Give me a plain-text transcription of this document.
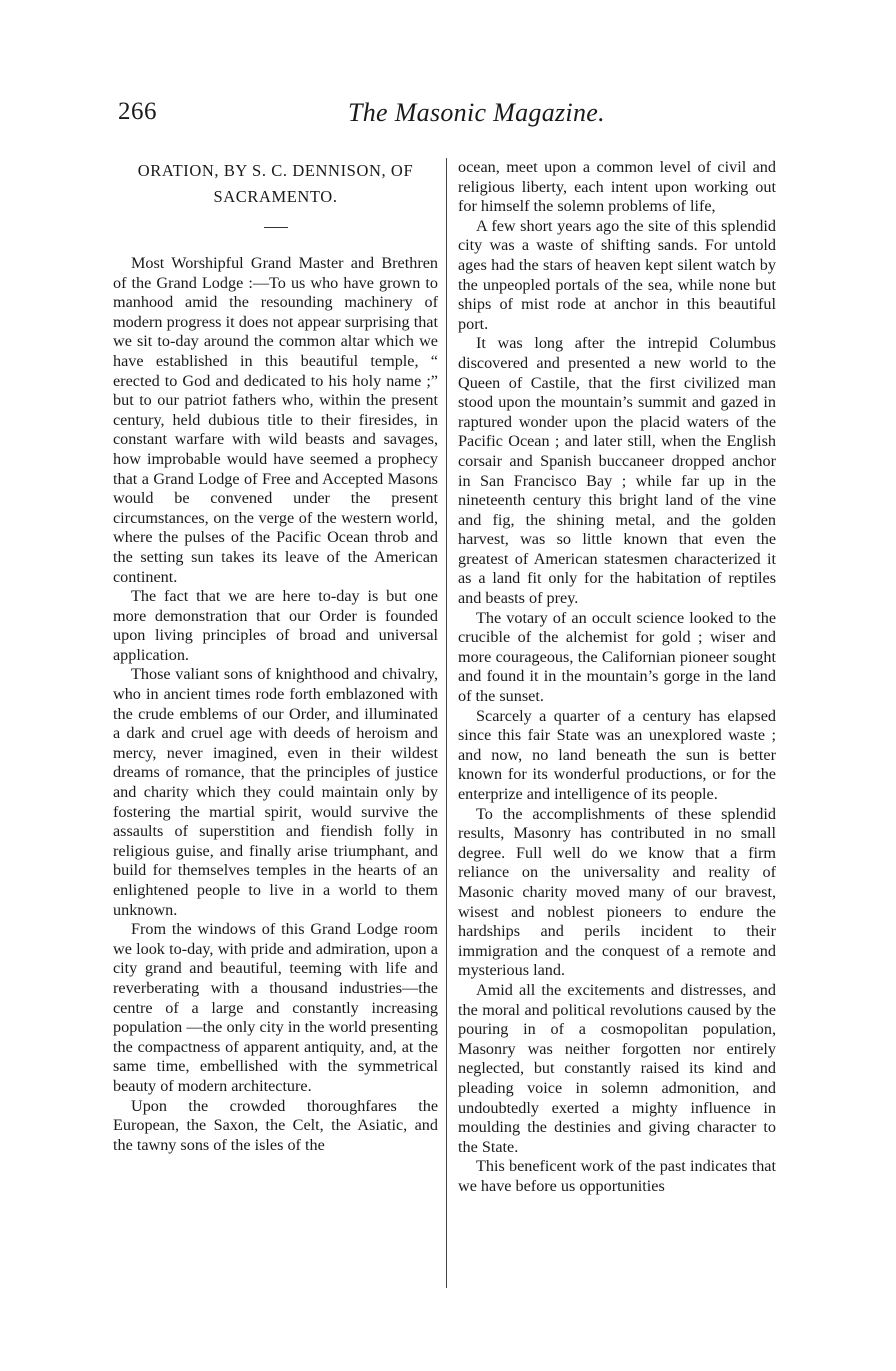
266	The Masonic Magazine.
ORATION, BY S. C. DENNISON, OF
SACRAMENTO.

Most Worshipful Grand Master and Brethren of the Grand Lodge :—To us who have grown to manhood amid the resounding machinery of modern progress it does not appear surprising that we sit to-day around the common altar which we have established in this beautiful temple, “ erected to God and dedicated to his holy name ;” but to our patriot fathers who, within the present century, held dubious title to their firesides, in constant warfare with wild beasts and savages, how improbable would have seemed a prophecy that a Grand Lodge of Free and Accepted Masons would be convened under the present circumstances, on the verge of the western world, where the pulses of the Pacific Ocean throb and the setting sun takes its leave of the American continent.

The fact that we are here to-day is but one more demonstration that our Order is founded upon living principles of broad and universal application.

Those valiant sons of knighthood and chivalry, who in ancient times rode forth emblazoned with the crude emblems of our Order, and illuminated a dark and cruel age with deeds of heroism and mercy, never imagined, even in their wildest dreams of romance, that the principles of justice and charity which they could maintain only by fostering the martial spirit, would survive the assaults of superstition and fiendish folly in religious guise, and finally arise triumphant, and build for themselves temples in the hearts of an enlightened people to live in a world to them unknown.

From the windows of this Grand Lodge room we look to-day, with pride and admiration, upon a city grand and beautiful, teeming with life and reverberating with a thousand industries—the centre of a large and constantly increasing population —the only city in the world presenting the compactness of apparent antiquity, and, at the same time, embellished with the symmetrical beauty of modern architecture.

Upon the crowded thoroughfares the European, the Saxon, the Celt, the Asiatic, and the tawny sons of the isles of the

ocean, meet upon a common level of civil and religious liberty, each intent upon working out for himself the solemn problems of life,

A few short years ago the site of this splendid city was a waste of shifting sands. For untold ages had the stars of heaven kept silent watch by the unpeopled portals of the sea, while none but ships of mist rode at anchor in this beautiful port.

It was long after the intrepid Columbus discovered and presented a new world to the Queen of Castile, that the first civilized man stood upon the mountain’s summit and gazed in raptured wonder upon the placid waters of the Pacific Ocean ; and later still, when the English corsair and Spanish buccaneer dropped anchor in San Francisco Bay ; while far up in the nineteenth century this bright land of the vine and fig, the shining metal, and the golden harvest, was so little known that even the greatest of American statesmen characterized it as a land fit only for the habitation of reptiles and beasts of prey.

The votary of an occult science looked to the crucible of the alchemist for gold ; wiser and more courageous, the Californian pioneer sought and found it in the mountain’s gorge in the land of the sunset.

Scarcely a quarter of a century has elapsed since this fair State was an unexplored waste ; and now, no land beneath the sun is better known for its wonderful productions, or for the enterprize and intelligence of its people.

To the accomplishments of these splendid results, Masonry has contributed in no small degree. Full well do we know that a firm reliance on the universality and reality of Masonic charity moved many of our bravest, wisest and noblest pioneers to endure the hardships and perils incident to their immigration and the conquest of a remote and mysterious land.

Amid all the excitements and distresses, and the moral and political revolutions caused by the pouring in of a cosmopolitan population, Masonry was neither forgotten nor entirely neglected, but constantly raised its kind and pleading voice in solemn admonition, and undoubtedly exerted a mighty influence in moulding the destinies and giving character to the State.

This beneficent work of the past indicates that we have before us opportunities
